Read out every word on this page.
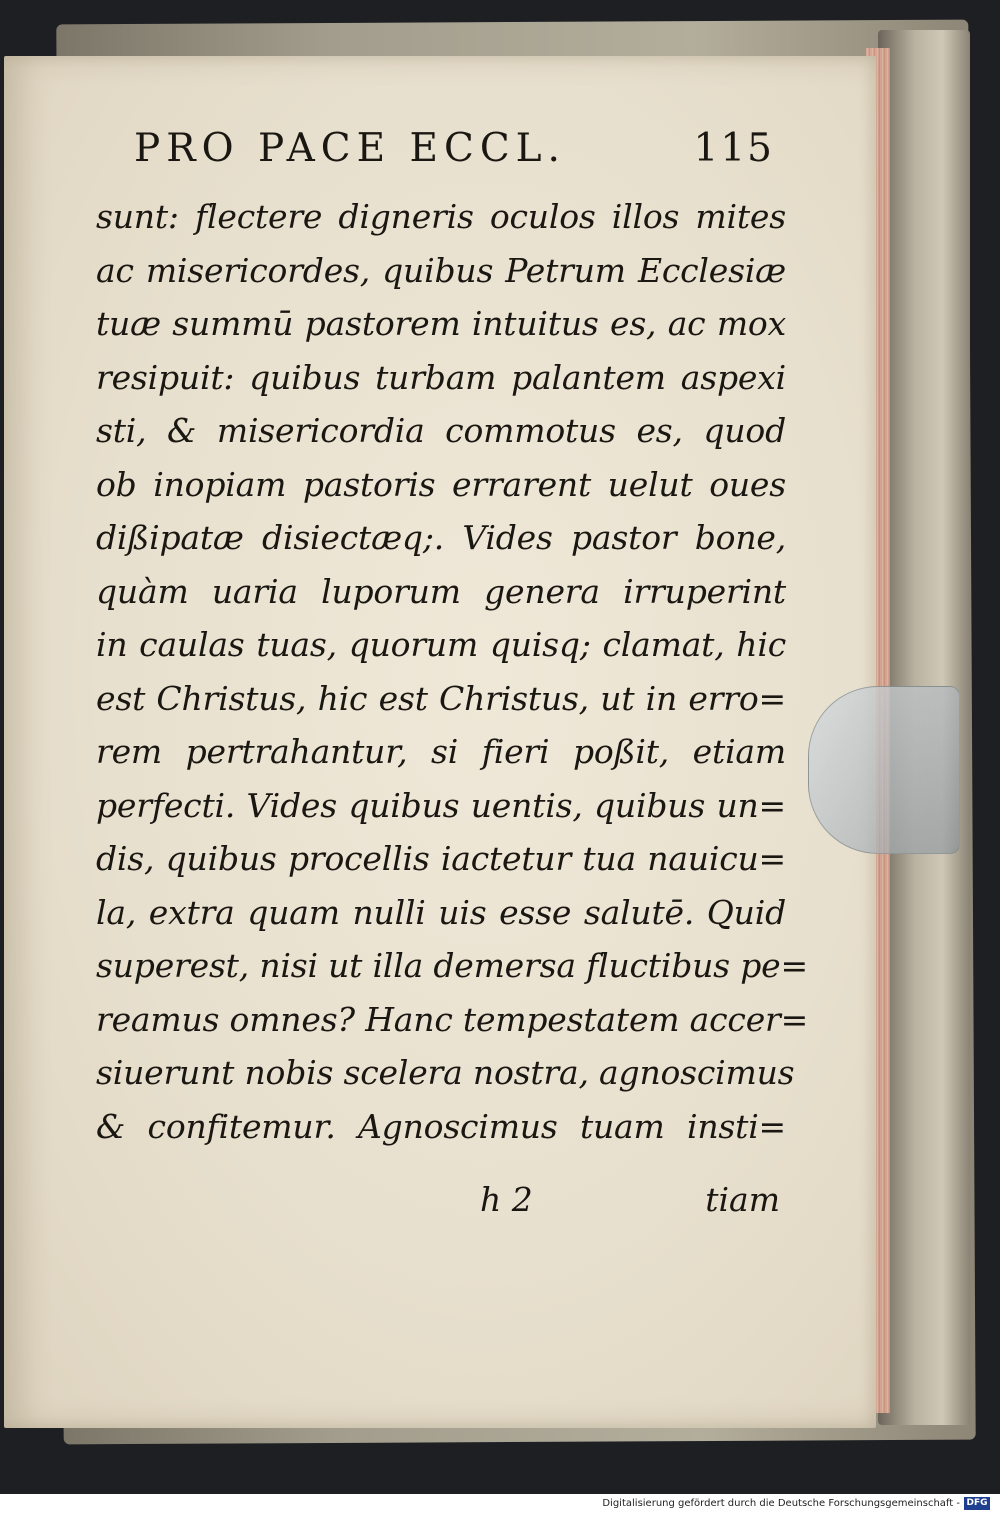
PRO PACE ECCL.	115
sunt: flectere digneris oculos illos mites
ac misericordes, quibus Petrum Ecclesiæ
tuæ summū pastorem intuitus es, ac mox
resipuit: quibus turbam palantem aspexi
sti, & misericordia commotus es, quod
ob inopiam pastoris errarent uelut oues
dißipatæ disiectæq;. Vides pastor bone,
quàm uaria luporum genera irruperint
in caulas tuas, quorum quisq; clamat, hic
est Christus, hic est Christus, ut in erro=
rem pertrahantur, si fieri poßit, etiam
perfecti. Vides quibus uentis, quibus un=
dis, quibus procellis iactetur tua nauicu=
la, extra quam nulli uis esse salutē. Quid
superest, nisi ut illa demersa fluctibus pe=
reamus omnes? Hanc tempestatem accer=
siuerunt nobis scelera nostra, agnoscimus
& confitemur. Agnoscimus tuam insti=
h 2	tiam
Digitalisierung gefördert durch die Deutsche Forschungsgemeinschaft - DFG
